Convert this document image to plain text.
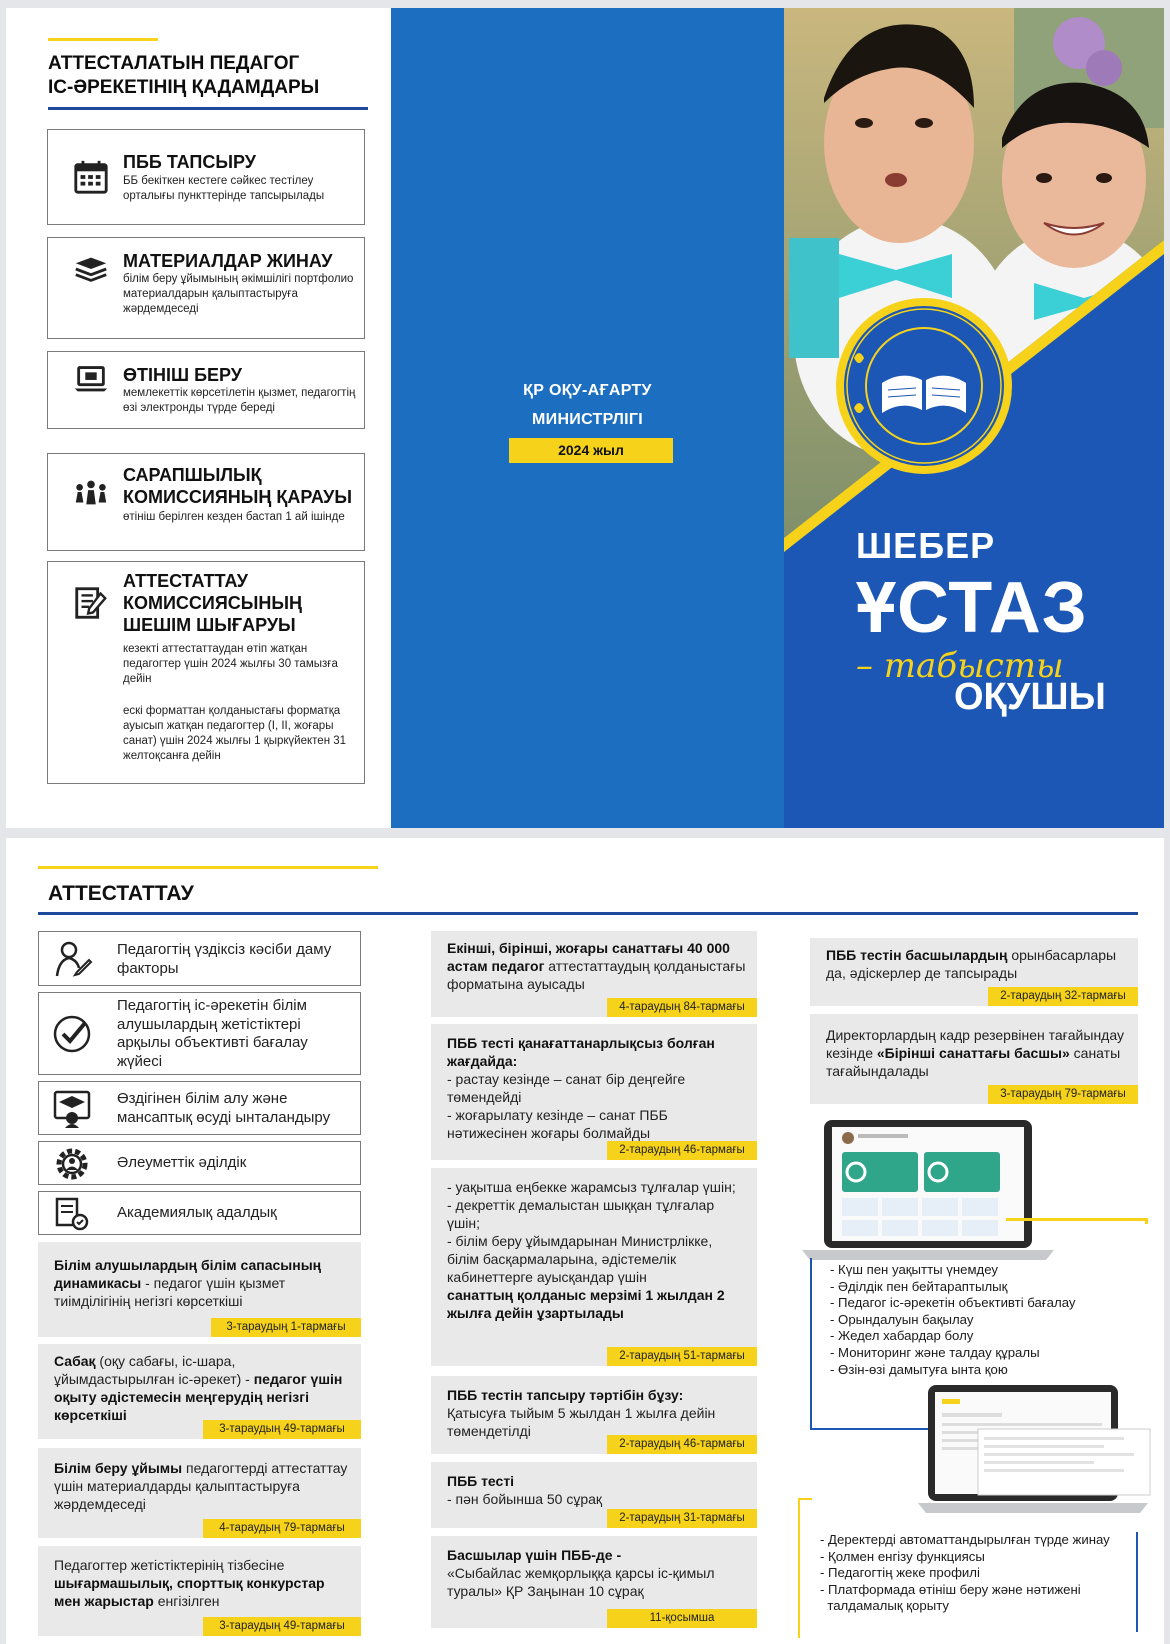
АТТЕСТАЛАТЫН ПЕДАГОГ
ІС-ӘРЕКЕТІНІҢ ҚАДАМДАРЫ
ПББ ТАПСЫРУ
ББ бекіткен кестеге сәйкес тестілеу орталығы пункттерінде тапсырылады
МАТЕРИАЛДАР ЖИНАУ
білім беру ұйымының әкімшілігі портфолио материалдарын қалыптастыруға жәрдемдеседі
ӨТІНІШ БЕРУ
мемлекеттік көрсетілетін қызмет, педагогтің өзі электронды түрде береді
САРАПШЫЛЫҚ КОМИССИЯНЫҢ ҚАРАУЫ
өтініш берілген кезден бастап 1 ай ішінде
АТТЕСТАТТАУ КОМИССИЯСЫНЫҢ ШЕШІМ ШЫҒАРУЫ
кезекті аттестаттаудан өтіп жатқан педагогтер үшін 2024 жылғы 30 тамызға дейін
ескі форматтан қолданыстағы форматқа ауысып жатқан педагогтер (I, II, жоғары санат) үшін 2024 жылғы 1 қыркүйектен 31 желтоқсанға дейін
ҚР ОҚУ-АҒАРТУ
МИНИСТРЛІГІ
2024 жыл
ШЕБЕР
ҰСТАЗ
– табысты
ОҚУШЫ
АТТЕСТАТТАУ
Педагогтің үздіксіз кәсіби даму факторы
Педагогтің іс-әрекетін білім алушылардың жетістіктері арқылы объективті бағалау жүйесі
Өздігінен білім алу және мансаптық өсуді ынталандыру
Әлеуметтік әділдік
Академиялық адалдық
Білім алушылардың білім сапасының динамикасы - педагог үшін қызмет тиімділігінің негізгі көрсеткіші
3-тараудың 1-тармағы
Сабақ (оқу сабағы, іс-шара, ұйымдастырылған іс-әрекет) - педагог үшін оқыту әдістемесін меңгерудің негізгі көрсеткіші
3-тараудың 49-тармағы
Білім беру ұйымы педагогтерді аттестаттау үшін материалдарды қалыптастыруға жәрдемдеседі
4-тараудың 79-тармағы
Педагогтер жетістіктерінің тізбесіне шығармашылық, спорттық конкурстар мен жарыстар енгізілген
3-тараудың 49-тармағы
Екінші, бірінші, жоғары санаттағы 40 000 астам педагог аттестаттаудың қолданыстағы форматына ауысады
4-тараудың 84-тармағы
ПББ тесті қанағаттанарлықсыз болған жағдайда:
- растау кезінде – санат бір деңгейге төмендейді
- жоғарылату кезінде – санат ПББ нәтижесінен жоғары болмайды
2-тараудың 46-тармағы
- уақытша еңбекке жарамсыз тұлғалар үшін;
- декреттік демалыстан шыққан тұлғалар үшін;
- білім беру ұйымдарынан Министрлікке, білім басқармаларына, әдістемелік кабинеттерге ауысқандар үшін
санаттың қолданыс мерзімі 1 жылдан 2 жылға дейін ұзартылады
2-тараудың 51-тармағы
ПББ тестін тапсыру тәртібін бұзу:
Қатысуға тыйым 5 жылдан 1 жылға дейін төмендетілді
2-тараудың 46-тармағы
ПББ тесті
- пән бойынша 50 сұрақ
2-тараудың 31-тармағы
Басшылар үшін ПББ-де -
«Сыбайлас жемқорлыққа қарсы іс-қимыл туралы» ҚР Заңынан 10 сұрақ
11-қосымша
ПББ тестін басшылардың орынбасарлары да, әдіскерлер де тапсырады
2-тараудың 32-тармағы
Директорлардың кадр резервінен тағайындау кезінде «Бірінші санаттағы басшы» санаты тағайындалады
3-тараудың 79-тармағы
- Күш пен уақытты үнемдеу
- Әділдік пен бейтараптылық
- Педагог іс-әрекетін объективті бағалау
- Орындалуын бақылау
- Жедел хабардар болу
- Мониторинг және талдау құралы
- Өзін-өзі дамытуға ынта қою
- Деректерді автоматтандырылған түрде жинау
- Қолмен енгізу функциясы
- Педагогтің жеке профилі
- Платформада өтініш беру және нәтижені
талдамалық қорыту
